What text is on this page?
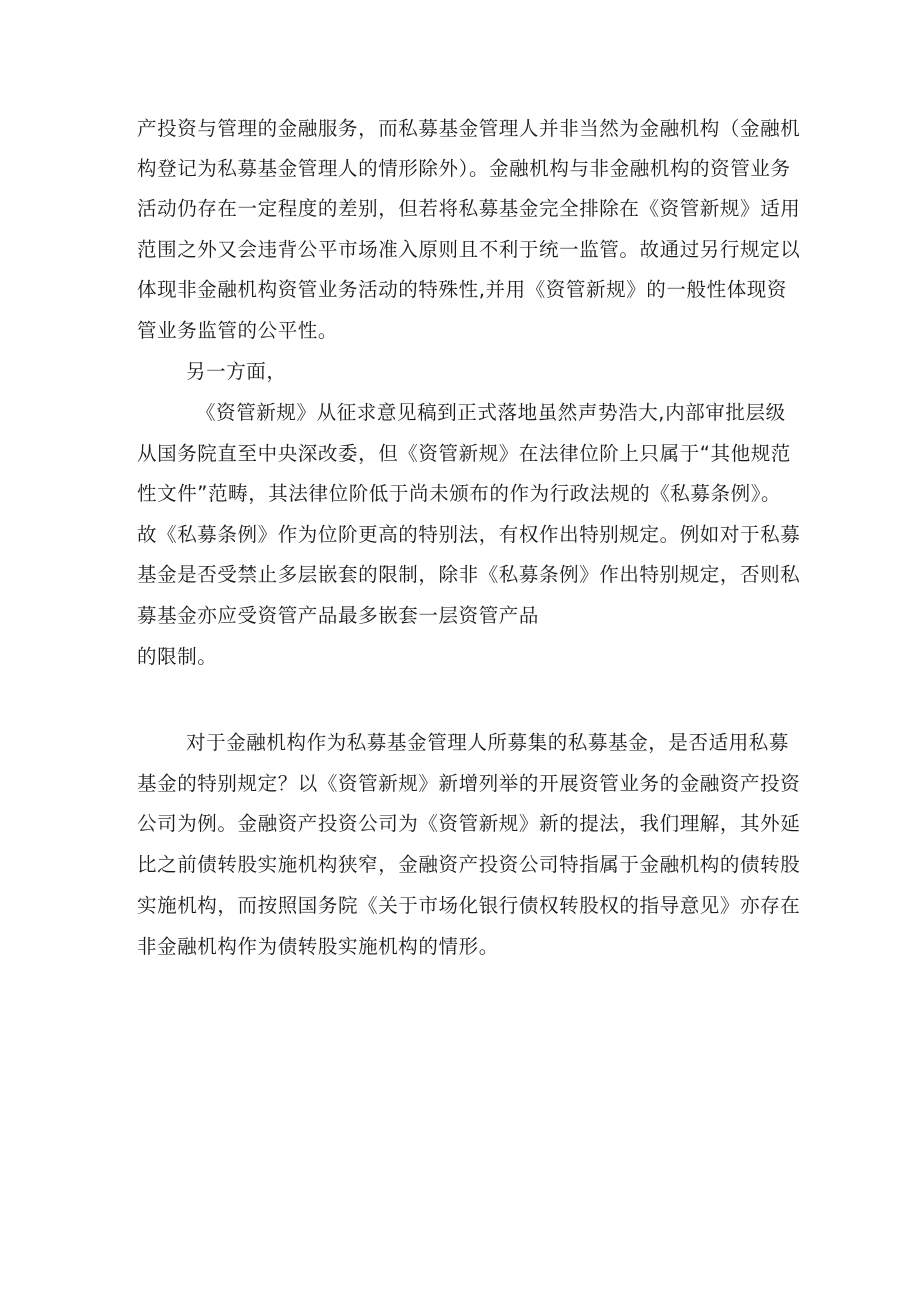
产投资与管理的金融服务，而私募基金管理人并非当然为金融机构（金融机

构登记为私募基金管理人的情形除外）。金融机构与非金融机构的资管业务

活动仍存在一定程度的差别，但若将私募基金完全排除在《资管新规》适用

范围之外又会违背公平市场准入原则且不利于统一监管。故通过另行规定以

体现非金融机构资管业务活动的特殊性,并用《资管新规》的一般性体现资

管业务监管的公平性。

另一方面，

《资管新规》从征求意见稿到正式落地虽然声势浩大,内部审批层级

从国务院直至中央深改委，但《资管新规》在法律位阶上只属于“其他规范

性文件”范畴，其法律位阶低于尚未颁布的作为行政法规的《私募条例》。

故《私募条例》作为位阶更高的特别法，有权作出特别规定。例如对于私募

基金是否受禁止多层嵌套的限制，除非《私募条例》作出特别规定，否则私

募基金亦应受资管产品最多嵌套一层资管产品

的限制。

对于金融机构作为私募基金管理人所募集的私募基金，是否适用私募

基金的特别规定？以《资管新规》新增列举的开展资管业务的金融资产投资

公司为例。金融资产投资公司为《资管新规》新的提法，我们理解，其外延

比之前债转股实施机构狭窄，金融资产投资公司特指属于金融机构的债转股

实施机构，而按照国务院《关于市场化银行债权转股权的指导意见》亦存在

非金融机构作为债转股实施机构的情形。
